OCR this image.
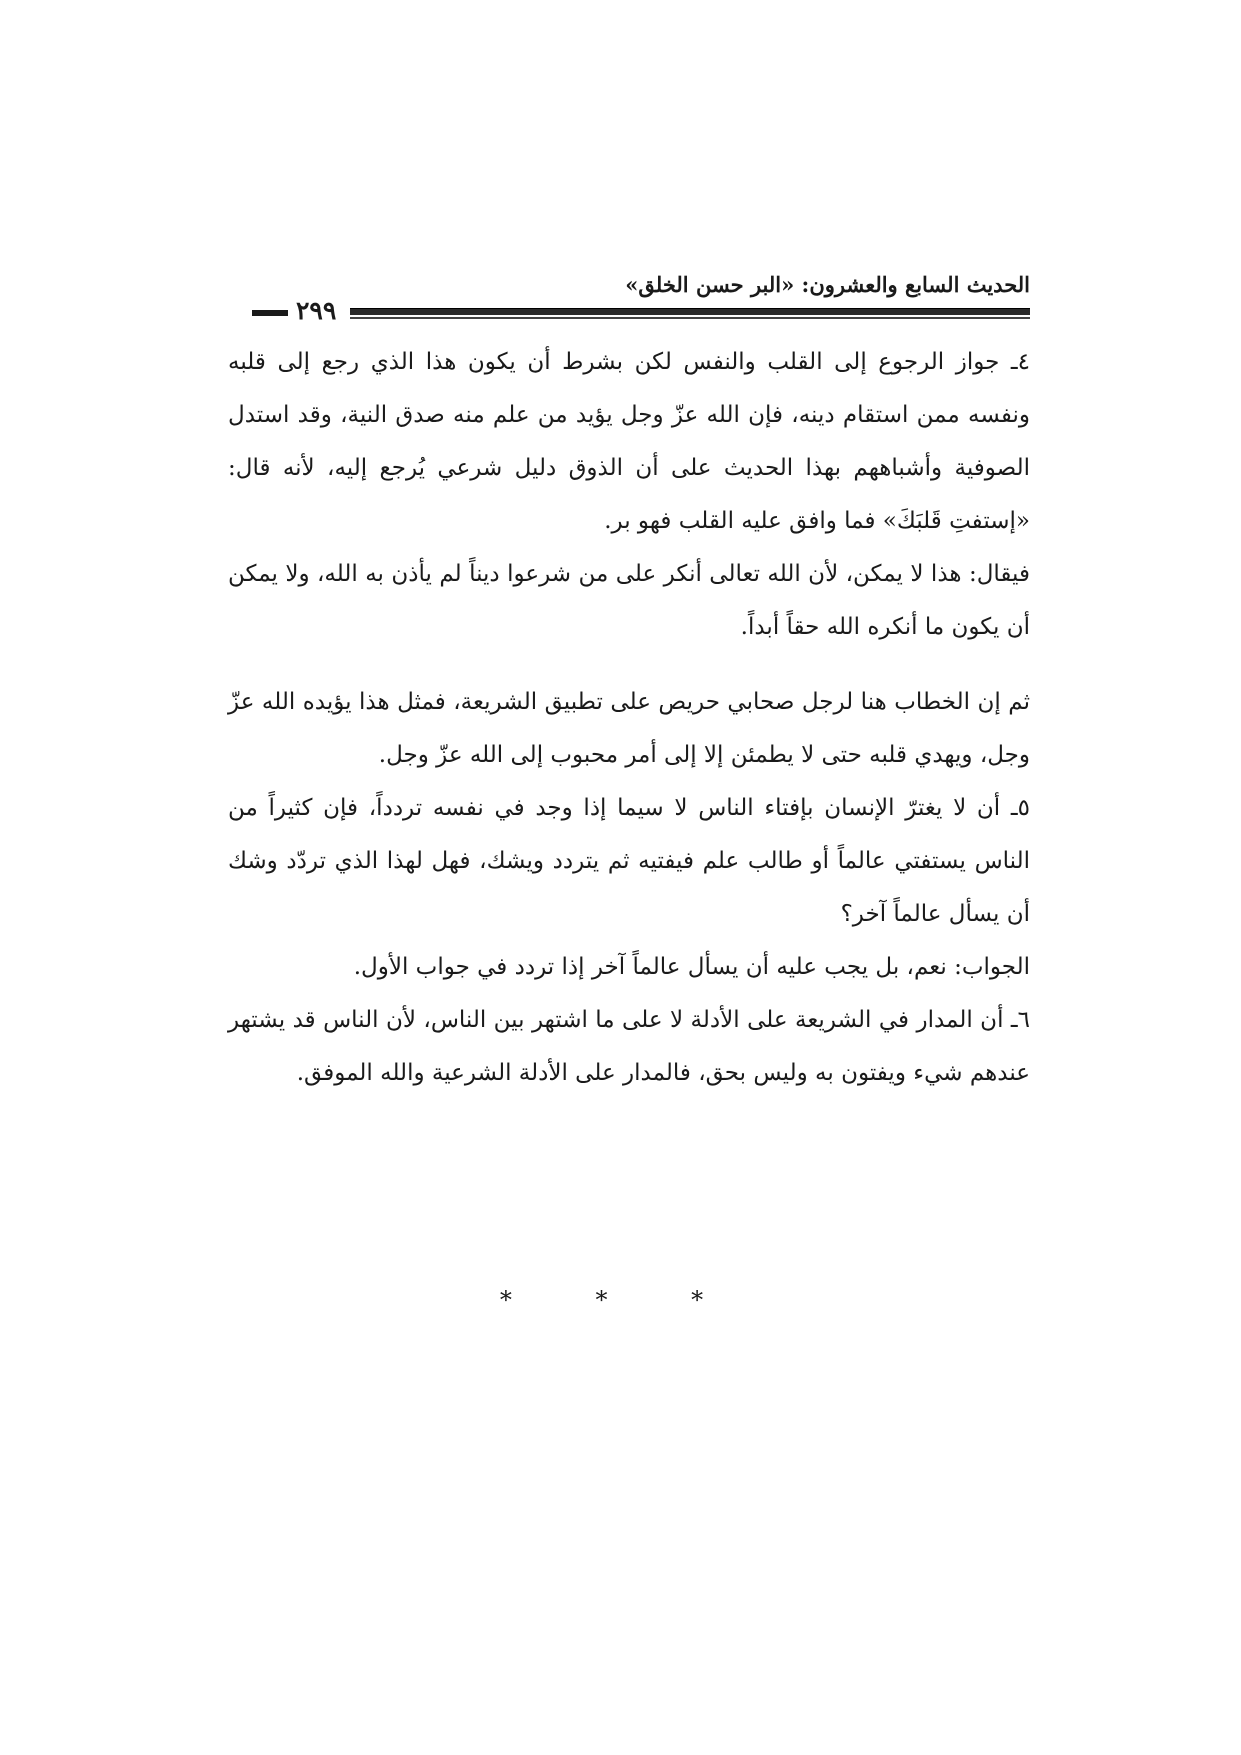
الحديث السابع والعشرون: «البر حسن الخلق»
٢٩٩

٤ـ جواز الرجوع إلى القلب والنفس لكن بشرط أن يكون هذا الذي رجع إلى قلبه ونفسه ممن استقام دينه، فإن الله عزّ وجل يؤيد من علم منه صدق النية، وقد استدل الصوفية وأشباههم بهذا الحديث على أن الذوق دليل شرعي يُرجع إليه، لأنه قال: «إستفتِ قَلبَكَ» فما وافق عليه القلب فهو بر.

فيقال: هذا لا يمكن، لأن الله تعالى أنكر على من شرعوا ديناً لم يأذن به الله، ولا يمكن أن يكون ما أنكره الله حقاً أبداً.

ثم إن الخطاب هنا لرجل صحابي حريص على تطبيق الشريعة، فمثل هذا يؤيده الله عزّ وجل، ويهدي قلبه حتى لا يطمئن إلا إلى أمر محبوب إلى الله عزّ وجل.

٥ـ أن لا يغترّ الإنسان بإفتاء الناس لا سيما إذا وجد في نفسه تردداً، فإن كثيراً من الناس يستفتي عالماً أو طالب علم فيفتيه ثم يتردد ويشك، فهل لهذا الذي تردّد وشك أن يسأل عالماً آخر؟

الجواب: نعم، بل يجب عليه أن يسأل عالماً آخر إذا تردد في جواب الأول.

٦ـ أن المدار في الشريعة على الأدلة لا على ما اشتهر بين الناس، لأن الناس قد يشتهر عندهم شيء ويفتون به وليس بحق، فالمدار على الأدلة الشرعية والله الموفق.

* * *
